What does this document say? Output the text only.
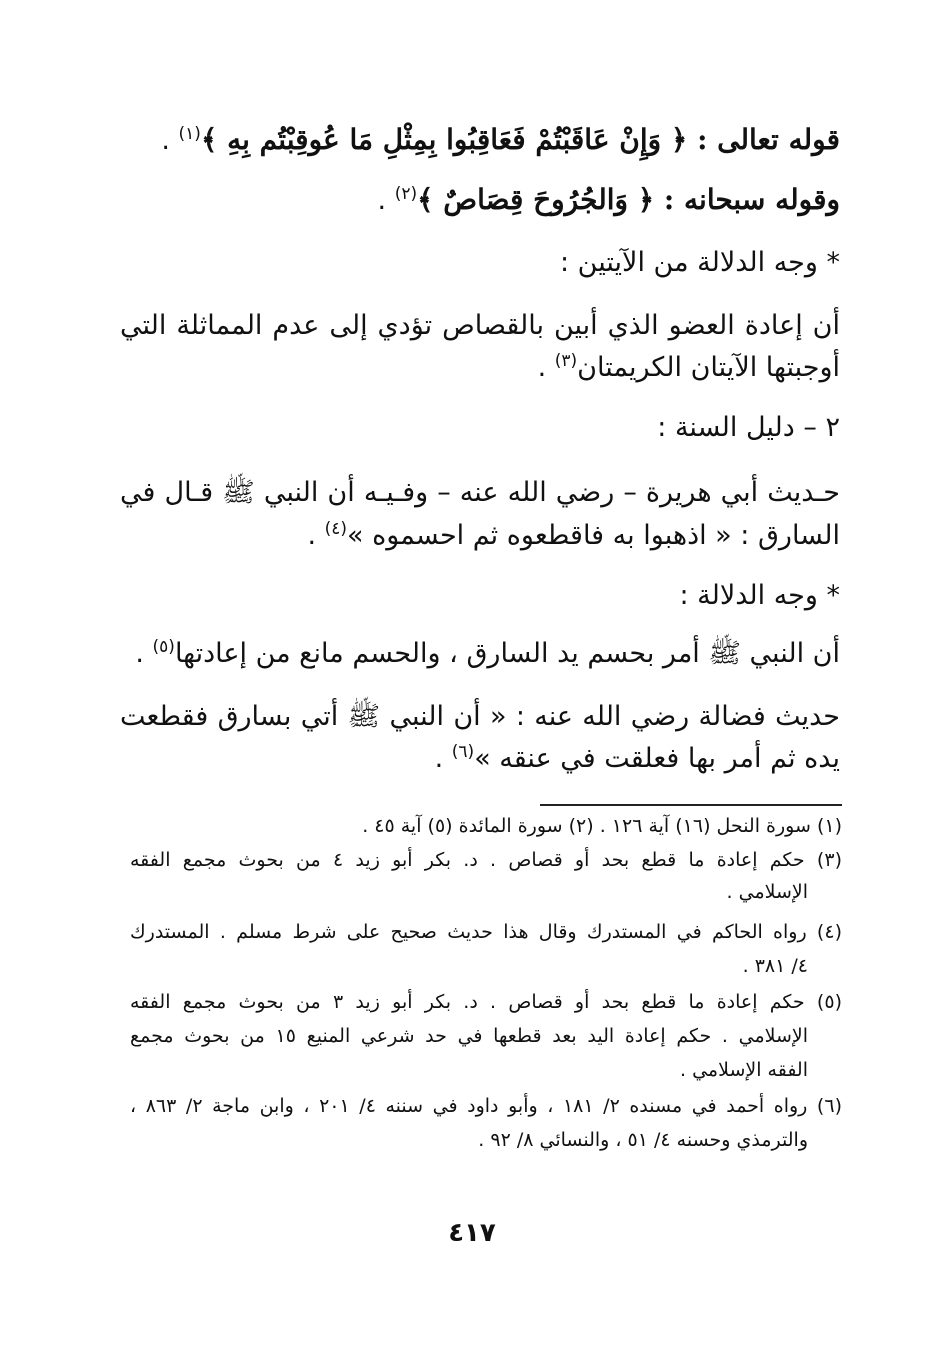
قوله تعالى : ﴿ وَإِنْ عَاقَبْتُمْ فَعَاقِبُوا بِمِثْلِ مَا عُوقِبْتُم بِهِ ﴾$^{(١)}$ .
وقوله سبحانه : ﴿ وَالجُرُوحَ قِصَاصٌ ﴾$^{(٢)}$ .
* وجه الدلالة من الآيتين :
أن إعادة العضو الذي أبين بالقصاص تؤدي إلى عدم المماثلة التي
أوجبتها الآيتان الكريمتان$^{(٣)}$ .
٢ – دليل السنة :
حـديث أبي هريرة – رضي الله عنه – وفـيـه أن النبي ﷺ قـال في
السارق : « اذهبوا به فاقطعوه ثم احسموه »$^{(٤)}$ .
* وجه الدلالة :
أن النبي ﷺ أمر بحسم يد السارق ، والحسم مانع من إعادتها$^{(٥)}$ .
حديث فضالة رضي الله عنه : « أن النبي ﷺ أتي بسارق فقطعت
يده ثم أمر بها فعلقت في عنقه »$^{(٦)}$ .
(١) سورة النحل (١٦) آية ١٢٦ . (٢) سورة المائدة (٥) آية ٤٥ .
(٣) حكم إعادة ما قطع بحد أو قصاص . د. بكر أبو زيد ٤ من بحوث مجمع الفقه
الإسلامي .
(٤) رواه الحاكم في المستدرك وقال هذا حديث صحيح على شرط مسلم . المستدرك
٤/ ٣٨١ .
(٥) حكم إعادة ما قطع بحد أو قصاص . د. بكر أبو زيد ٣ من بحوث مجمع الفقه
الإسلامي . حكم إعادة اليد بعد قطعها في حد شرعي المنيع ١٥ من بحوث مجمع
الفقه الإسلامي .
(٦) رواه أحمد في مسنده ٢/ ١٨١ ، وأبو داود في سننه ٤/ ٢٠١ ، وابن ماجة ٢/ ٨٦٣ ،
والترمذي وحسنه ٤/ ٥١ ، والنسائي ٨/ ٩٢ .
٤١٧
